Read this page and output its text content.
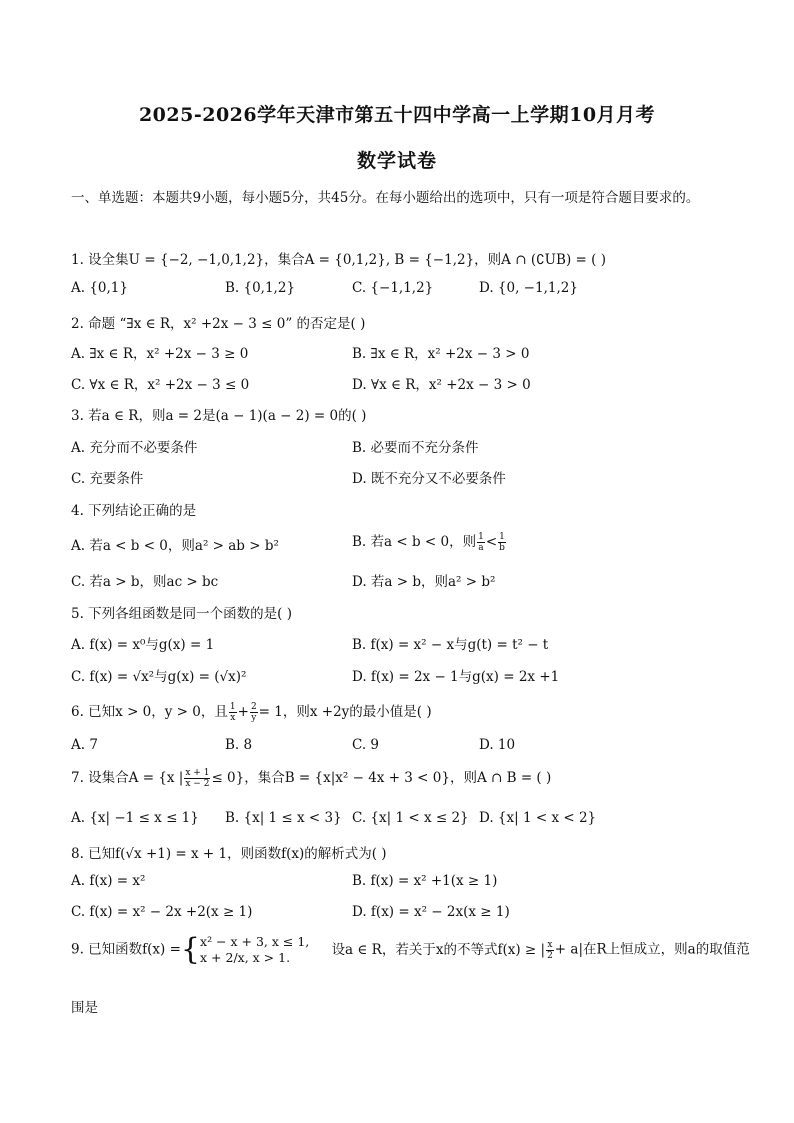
2025-2026学年天津市第五十四中学高一上学期10月月考
数学试卷
一、单选题：本题共9小题，每小题5分，共45分。在每小题给出的选项中，只有一项是符合题目要求的。
1. 设全集U = {−2, −1,0,1,2}，集合A = {0,1,2}, B = {−1,2}，则A ∩ (∁UB) = ( )
A. {0,1}	B. {0,1,2}	C. {−1,1,2}	D. {0, −1,1,2}
2. 命题 “∃x ∈ R，x² +2x − 3 ≤ 0” 的否定是( )
A. ∃x ∈ R，x² +2x − 3 ≥ 0	B. ∃x ∈ R，x² +2x − 3 > 0
C. ∀x ∈ R，x² +2x − 3 ≤ 0	D. ∀x ∈ R，x² +2x − 3 > 0
3. 若a ∈ R，则a = 2是(a − 1)(a − 2) = 0的( )
A. 充分而不必要条件	B. 必要而不充分条件
C. 充要条件	D. 既不充分又不必要条件
4. 下列结论正确的是
A. 若a < b < 0，则a² > ab > b²	B. 若a < b < 0，则 $\frac{1}{a} < \frac{1}{b}$
C. 若a > b，则ac > bc	D. 若a > b，则a² > b²
5. 下列各组函数是同一个函数的是( )
A. f(x) = x⁰与g(x) = 1	B. f(x) = x² − x与g(t) = t² − t
C. f(x) = √x²与g(x) = (√x)²	D. f(x) = 2x − 1与g(x) = 2x +1
6. 已知x > 0，y > 0，且 $\frac{1}{x} + \frac{2}{y} = 1$，则x +2y的最小值是( )
A. 7	B. 8	C. 9	D. 10
7. 设集合A = {x | $\frac{x + 1}{x - 2} \le 0$}，集合B = {x|x² − 4x + 3 < 0}，则A ∩ B = ( )
A. {x| −1 ≤ x ≤ 1} B. {x| 1 ≤ x < 3} C. {x| 1 < x ≤ 2} D. {x| 1 < x < 2}
8. 已知f(√x +1) = x + 1，则函数f(x)的解析式为( )
A. f(x) = x²	B. f(x) = x² +1(x ≥ 1)
C. f(x) = x² − 2x +2(x ≥ 1)	D. f(x) = x² − 2x(x ≥ 1)
9. 已知函数f(x) ={ x² − x + 3, x ≤ 1,
x + 2/x, x > 1.	设a ∈ R，若关于x的不等式f(x) ≥ | $\frac{x}{2} + a|$在R上恒成立，则a的取值范
围是
